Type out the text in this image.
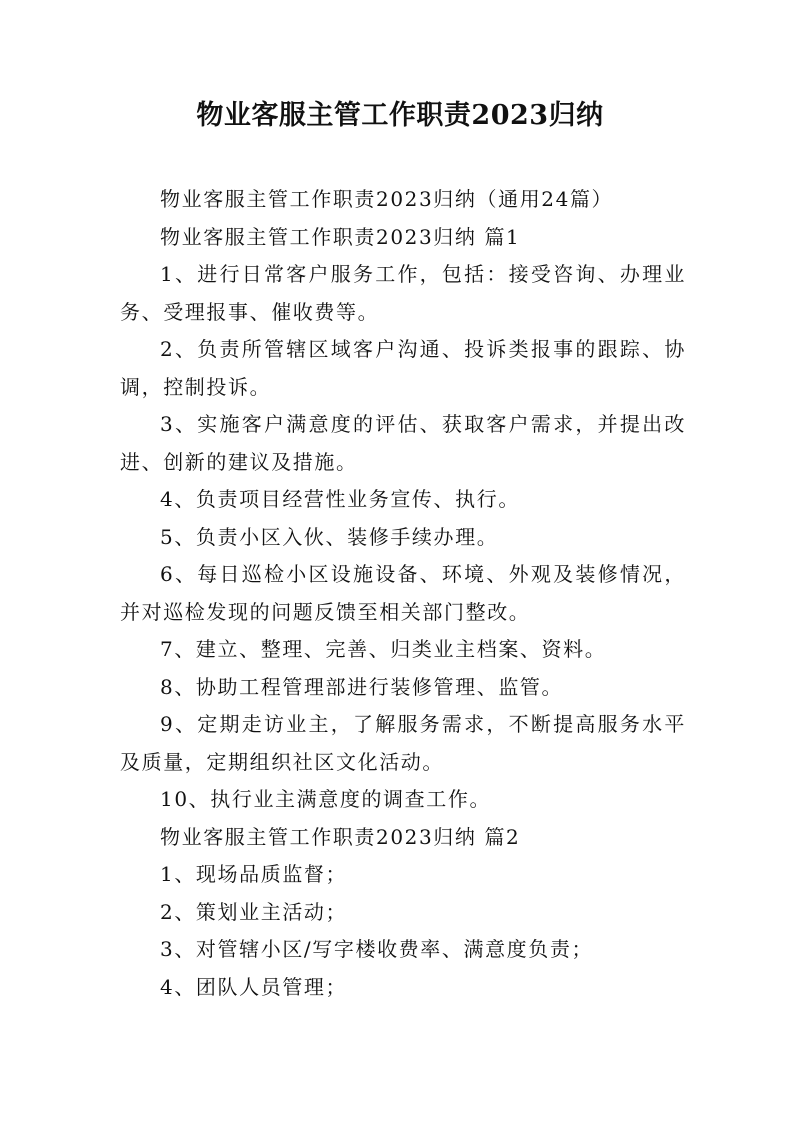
物业客服主管工作职责2023归纳

物业客服主管工作职责2023归纳（通用24篇）

物业客服主管工作职责2023归纳 篇1

1、进行日常客户服务工作，包括：接受咨询、办理业务、受理报事、催收费等。

2、负责所管辖区域客户沟通、投诉类报事的跟踪、协调，控制投诉。

3、实施客户满意度的评估、获取客户需求，并提出改进、创新的建议及措施。

4、负责项目经营性业务宣传、执行。

5、负责小区入伙、装修手续办理。

6、每日巡检小区设施设备、环境、外观及装修情况，并对巡检发现的问题反馈至相关部门整改。

7、建立、整理、完善、归类业主档案、资料。

8、协助工程管理部进行装修管理、监管。

9、定期走访业主，了解服务需求，不断提高服务水平及质量，定期组织社区文化活动。

10、执行业主满意度的调查工作。

物业客服主管工作职责2023归纳 篇2

1、现场品质监督；

2、策划业主活动；

3、对管辖小区/写字楼收费率、满意度负责；

4、团队人员管理；
